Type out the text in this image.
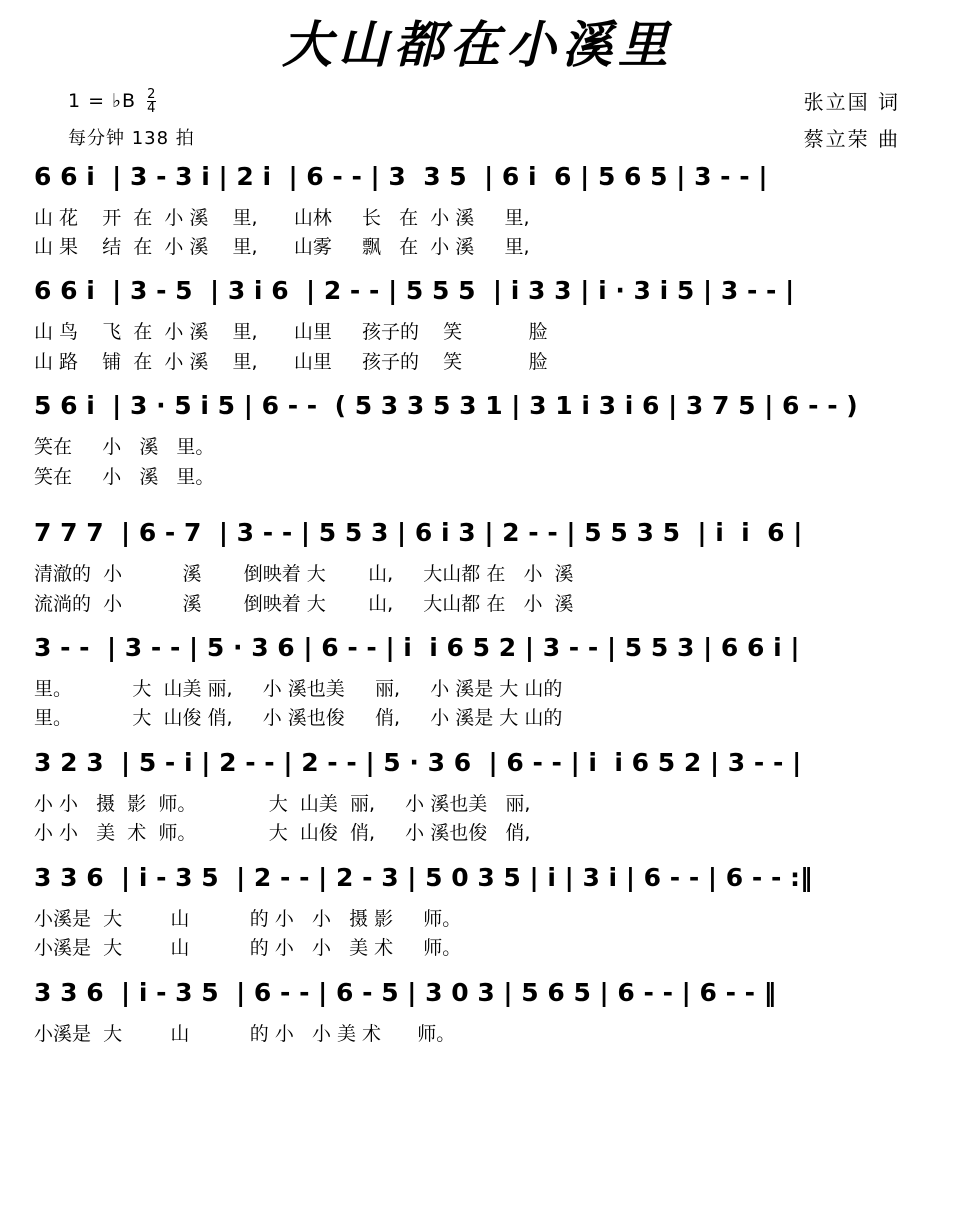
大山都在小溪里
1 = ♭B $\frac{2}{4}$
每分钟 138 拍
张立国 词
蔡立荣 曲
6 6 i  | 3 - 3 i | 2 i  | 6 - - | 3  3 5  | 6 i  6 | 5 6 5 | 3 - - |
山 花    开  在  小 溪    里,      山林     长   在  小 溪     里,
山 果    结  在  小 溪    里,      山雾     飘   在  小 溪     里,
6 6 i  | 3 - 5  | 3 i 6  | 2 - - | 5 5 5  | i 3 3 | i · 3 i 5 | 3 - - |
山 鸟    飞  在  小 溪    里,      山里     孩子的    笑           脸
山 路    铺  在  小 溪    里,      山里     孩子的    笑           脸
5 6 i  | 3 · 5 i 5 | 6 - -  ( 5 3 3 5 3 1 | 3 1 i 3 i 6 | 3 7 5 | 6 - - )
笑在     小   溪   里。
笑在     小   溪   里。
7 7 7  | 6 - 7  | 3 - - | 5 5 3 | 6 i 3 | 2 - - | 5 5 3 5  | i  i  6 |
清澈的  小          溪       倒映着 大       山,     大山都 在   小  溪
流淌的  小          溪       倒映着 大       山,     大山都 在   小  溪
3 - -  | 3 - - | 5 · 3 6 | 6 - - | i  i 6 5 2 | 3 - - | 5 5 3 | 6 6 i |
里。          大  山美 丽,     小 溪也美     丽,     小 溪是 大 山的
里。          大  山俊 俏,     小 溪也俊     俏,     小 溪是 大 山的
3 2 3  | 5 - i | 2 - - | 2 - - | 5 · 3 6  | 6 - - | i  i 6 5 2 | 3 - - |
小 小   摄  影  师。            大  山美  丽,     小 溪也美   丽,
小 小   美  术  师。            大  山俊  俏,     小 溪也俊   俏,
3 3 6  | i - 3 5  | 2 - - | 2 - 3 | 5 0 3 5 | i | 3 i | 6 - - | 6 - - :‖
小溪是  大        山          的 小   小   摄 影     师。
小溪是  大        山          的 小   小   美 术     师。
3 3 6  | i - 3 5  | 6 - - | 6 - 5 | 3 0 3 | 5 6 5 | 6 - - | 6 - - ‖
小溪是  大        山          的 小   小 美 术      师。
